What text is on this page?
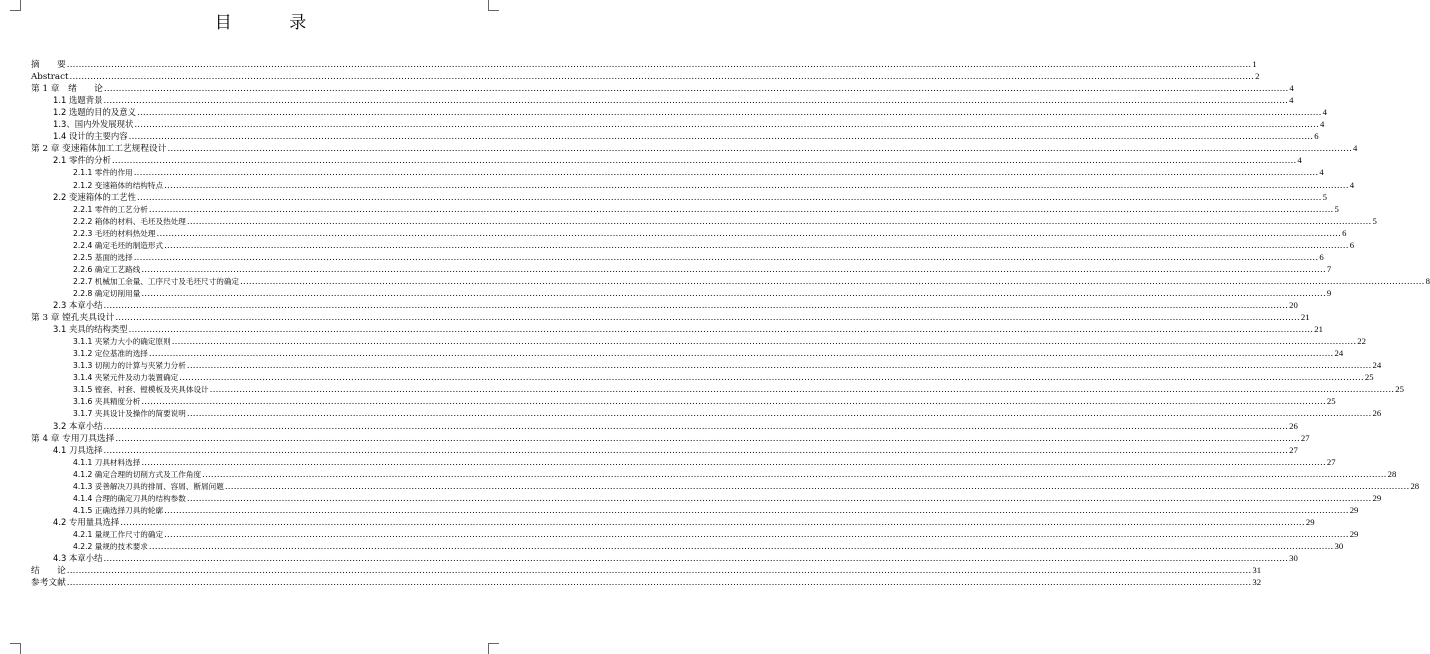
目 录
摘　　要 ................................................................................................................................................................................................................................................................................................................................................................................................................ 1
Abstract ................................................................................................................................................................................................................................................................................................................................................................................................................ 2
第 1 章　绪　　论 ................................................................................................................................................................................................................................................................................................................................................................................................................ 4
1.1 选题背景 ................................................................................................................................................................................................................................................................................................................................................................................................................ 4
1.2 选题的目的及意义 ................................................................................................................................................................................................................................................................................................................................................................................................................ 4
1.3、国内外发展现状 ................................................................................................................................................................................................................................................................................................................................................................................................................ 4
1.4 设计的主要内容 ................................................................................................................................................................................................................................................................................................................................................................................................................ 6
第 2 章 变速箱体加工工艺规程设计 ................................................................................................................................................................................................................................................................................................................................................................................................................ 4
2.1 零件的分析 ................................................................................................................................................................................................................................................................................................................................................................................................................ 4
2.1.1 零件的作用 ................................................................................................................................................................................................................................................................................................................................................................................................................ 4
2.1.2 变速箱体的结构特点 ................................................................................................................................................................................................................................................................................................................................................................................................................ 4
2.2 变速箱体的工艺性 ................................................................................................................................................................................................................................................................................................................................................................................................................ 5
2.2.1 零件的工艺分析 ................................................................................................................................................................................................................................................................................................................................................................................................................ 5
2.2.2 箱体的材料、毛坯及热处理 ................................................................................................................................................................................................................................................................................................................................................................................................................ 5
2.2.3 毛坯的材料热处理 ................................................................................................................................................................................................................................................................................................................................................................................................................ 6
2.2.4 确定毛坯的制造形式 ................................................................................................................................................................................................................................................................................................................................................................................................................ 6
2.2.5 基面的选择 ................................................................................................................................................................................................................................................................................................................................................................................................................ 6
2.2.6 确定工艺路线 ................................................................................................................................................................................................................................................................................................................................................................................................................ 7
2.2.7 机械加工余量、工序尺寸及毛坯尺寸的确定 ................................................................................................................................................................................................................................................................................................................................................................................................................ 8
2.2.8 确定切削用量 ................................................................................................................................................................................................................................................................................................................................................................................................................ 9
2.3 本章小结 ................................................................................................................................................................................................................................................................................................................................................................................................................ 20
第 3 章 镗孔夹具设计 ................................................................................................................................................................................................................................................................................................................................................................................................................ 21
3.1 夹具的结构类型 ................................................................................................................................................................................................................................................................................................................................................................................................................ 21
3.1.1 夹紧力大小的确定原则 ................................................................................................................................................................................................................................................................................................................................................................................................................ 22
3.1.2 定位基准的选择 ................................................................................................................................................................................................................................................................................................................................................................................................................ 24
3.1.3 切削力的计算与夹紧力分析 ................................................................................................................................................................................................................................................................................................................................................................................................................ 24
3.1.4 夹紧元件及动力装置确定 ................................................................................................................................................................................................................................................................................................................................................................................................................ 25
3.1.5 镗套、衬套、镗模板及夹具体设计 ................................................................................................................................................................................................................................................................................................................................................................................................................ 25
3.1.6 夹具精度分析 ................................................................................................................................................................................................................................................................................................................................................................................................................ 25
3.1.7 夹具设计及操作的简要说明 ................................................................................................................................................................................................................................................................................................................................................................................................................ 26
3.2 本章小结 ................................................................................................................................................................................................................................................................................................................................................................................................................ 26
第 4 章 专用刀具选择 ................................................................................................................................................................................................................................................................................................................................................................................................................ 27
4.1 刀具选择 ................................................................................................................................................................................................................................................................................................................................................................................................................ 27
4.1.1 刀具材料选择 ................................................................................................................................................................................................................................................................................................................................................................................................................ 27
4.1.2 确定合理的切削方式及工作角度 ................................................................................................................................................................................................................................................................................................................................................................................................................ 28
4.1.3 妥善解决刀具的排屑、容屑、断屑问题 ................................................................................................................................................................................................................................................................................................................................................................................................................ 28
4.1.4 合理的确定刀具的结构参数 ................................................................................................................................................................................................................................................................................................................................................................................................................ 29
4.1.5 正确选择刀具的轮廓 ................................................................................................................................................................................................................................................................................................................................................................................................................ 29
4.2 专用量具选择 ................................................................................................................................................................................................................................................................................................................................................................................................................ 29
4.2.1 量规工作尺寸的确定 ................................................................................................................................................................................................................................................................................................................................................................................................................ 29
4.2.2 量规的技术要求 ................................................................................................................................................................................................................................................................................................................................................................................................................ 30
4.3 本章小结 ................................................................................................................................................................................................................................................................................................................................................................................................................ 30
结　　论 ................................................................................................................................................................................................................................................................................................................................................................................................................ 31
参考文献 ................................................................................................................................................................................................................................................................................................................................................................................................................ 32
